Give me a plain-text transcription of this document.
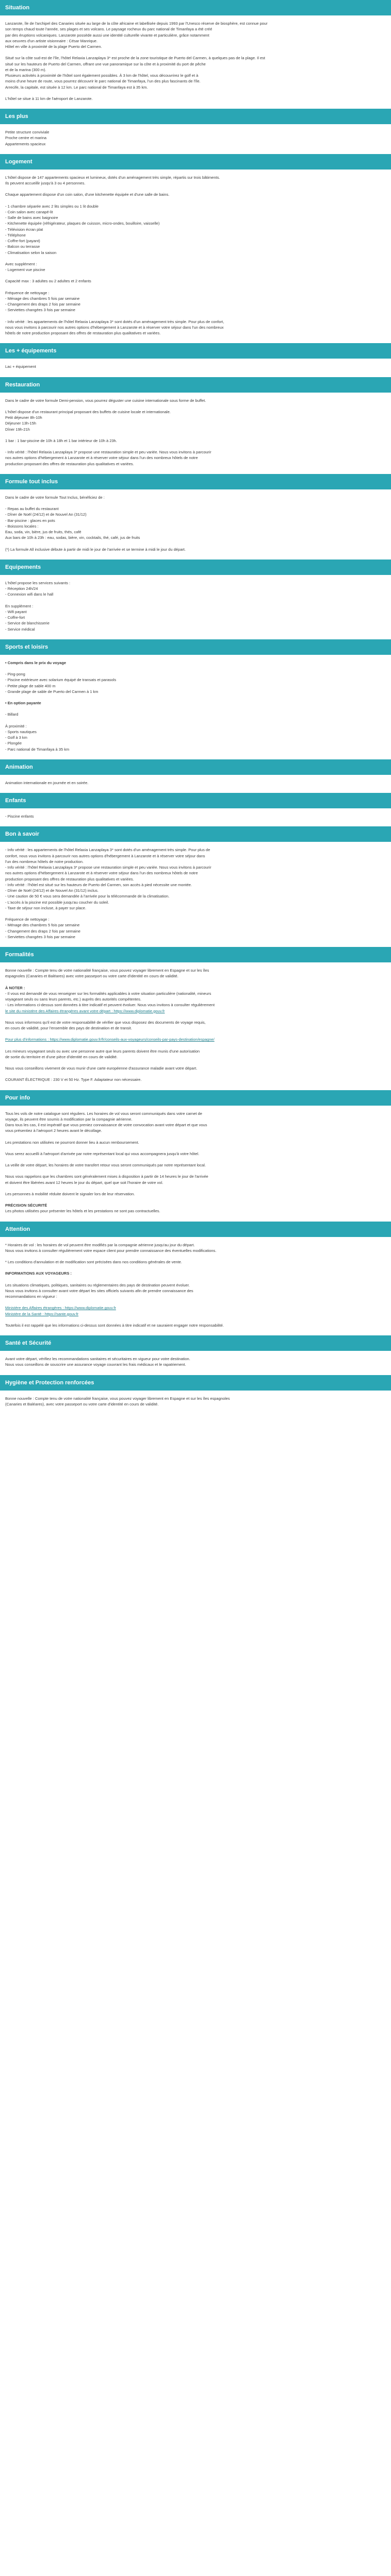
Situation
Lanzarote, île de l'archipel des Canaries située au large de la côte africaine et labellisée depuis 1993 par l'Unesco réserve de biosphère, est connue pour
son temps chaud toute l'année, ses plages et ses volcans. Le paysage rocheux du parc national de Timanfaya a été créé
par des éruptions volcaniques. Lanzarote possède aussi une identité culturelle vivante et particulière, grâce notamment
aux oeuvres d'un artiste visionnaire : César Manrique.
Hôtel en ville à proximité de la plage Puerto del Carmen.
Situé sur la côte sud-est de l'île, l'hôtel Relaxia Lanzaplaya 3* est proche de la zone touristique de Puerto del Carmen, à quelques pas de la plage. Il est
situé sur les hauteurs de Puerto del Carmen, offrant une vue panoramique sur la côte et à proximité du port de pêche
et de la marina (300 m).
Plusieurs activités à proximité de l'hôtel sont également possibles. À 3 km de l'hôtel, vous découvrirez le golf et à
moins d'une heure de route, vous pourrez découvrir le parc national de Timanfaya, l'un des plus fascinants de l'île.
Arrecife, la capitale, est située à 12 km. Le parc national de Timanfaya est à 35 km.
L'hôtel se situe à 11 km de l'aéroport de Lanzarote.
Les plus
Petite structure conviviale
Proche centre et marina
Appartements spacieux
Logement
L'hôtel dispose de 147 appartements spacieux et lumineux, dotés d'un aménagement très simple, répartis sur trois bâtiments.
Ils peuvent accueillir jusqu'à 3 ou 4 personnes.
Chaque appartement dispose d'un coin salon, d'une kitchenette équipée et d'une salle de bains.
- 1 chambre séparée avec 2 lits simples ou 1 lit double
- Coin salon avec canapé-lit
- Salle de bains avec baignoire
- Kitchenette équipée (réfrigérateur, plaques de cuisson, micro-ondes, bouilloire, vaisselle)
- Télévision écran plat
- Téléphone
- Coffre-fort (payant)
- Balcon ou terrasse
- Climatisation selon la saison
Avec supplément :
- Logement vue piscine
Capacité max : 3 adultes ou 2 adultes et 2 enfants
Fréquence de nettoyage :
- Ménage des chambres 5 fois par semaine
- Changement des draps 2 fois par semaine
- Serviettes changées 3 fois par semaine
- Info vérité : les appartements de l'hôtel Relaxia Lanzaplaya 3* sont dotés d'un aménagement très simple. Pour plus de confort,
nous vous invitons à parcourir nos autres options d'hébergement à Lanzarote et à réserver votre séjour dans l'un des nombreux
hôtels de notre production proposant des offres de restauration plus qualitatives et variées.
Les + équipements
Lac + équipement
Restauration
Dans le cadre de votre formule Demi-pension, vous pourrez déguster une cuisine internationale sous forme de buffet.
L'hôtel dispose d'un restaurant principal proposant des buffets de cuisine locale et internationale.
Petit déjeuner 8h-10h
Déjeuner 13h-15h
Dîner 19h-21h
1 bar : 1 bar-piscine de 10h à 18h et 1 bar intérieur de 10h à 23h.
- Info vérité : l'hôtel Relaxia Lanzaplaya 3* propose une restauration simple et peu variée. Nous vous invitons à parcourir
nos autres options d'hébergement à Lanzarote et à réserver votre séjour dans l'un des nombreux hôtels de notre
production proposant des offres de restauration plus qualitatives et variées.
Formule tout inclus
Dans le cadre de votre formule Tout Inclus, bénéficiez de :
- Repas au buffet du restaurant
- Dîner de Noël (24/12) et de Nouvel An (31/12)
- Bar-piscine : glaces en pots
- Boissons locales :
Eau, soda, vin, bière, jus de fruits, thés, café
Aux bars de 10h à 23h : eau, sodas, bière, vin, cocktails, thé, café, jus de fruits
(*) La formule All inclusive débute à partir de midi le jour de l'arrivée et se termine à midi le jour du départ.
Equipements
L'hôtel propose les services suivants :
- Réception 24h/24
- Connexion wifi dans le hall
En supplément :
- Wifi payant
- Coffre-fort
- Service de blanchisserie
- Service médical
Sports et loisirs
• Compris dans le prix du voyage
- Ping-pong
- Piscine extérieure avec solarium équipé de transats et parasols
- Petite plage de sable 400 m
- Grande plage de sable de Puerto del Carmen à 1 km
• En option payante
- Billard
À proximité :
- Sports nautiques
- Golf à 3 km
- Plongée
- Parc national de Timanfaya à 35 km
Animation
Animation internationale en journée et en soirée.
Enfants
- Piscine enfants
Bon à savoir
- Info vérité : les appartements de l'hôtel Relaxia Lanzaplaya 3* sont dotés d'un aménagement très simple. Pour plus de
confort, nous vous invitons à parcourir nos autres options d'hébergement à Lanzarote et à réserver votre séjour dans
l'un des nombreux hôtels de notre production.
- Info vérité : l'hôtel Relaxia Lanzaplaya 3* propose une restauration simple et peu variée. Nous vous invitons à parcourir
nos autres options d'hébergement à Lanzarote et à réserver votre séjour dans l'un des nombreux hôtels de notre
production proposant des offres de restauration plus qualitatives et variées.
- Info vérité : l'hôtel est situé sur les hauteurs de Puerto del Carmen, son accès à pied nécessite une montée.
- Dîner de Noël (24/12) et de Nouvel An (31/12) inclus.
- Une caution de 50 € vous sera demandée à l'arrivée pour la télécommande de la climatisation.
- L'accès à la piscine est possible jusqu'au coucher du soleil.
- Taxe de séjour non incluse, à payer sur place.
Fréquence de nettoyage :
- Ménage des chambres 5 fois par semaine
- Changement des draps 2 fois par semaine
- Serviettes changées 3 fois par semaine
Formalités
Bonne nouvelle : Compte tenu de votre nationalité française, vous pouvez voyager librement en Espagne et sur les îles
espagnoles (Canaries et Baléares) avec votre passeport ou votre carte d'identité en cours de validité.
À NOTER :
- Il vous est demandé de vous renseigner sur les formalités applicables à votre situation particulière (nationalité, mineurs
voyageant seuls ou sans leurs parents, etc.) auprès des autorités compétentes.
- Les informations ci-dessus sont données à titre indicatif et peuvent évoluer. Nous vous invitons à consulter régulièrement
le site du ministère des Affaires étrangères avant votre départ : https://www.diplomatie.gouv.fr
Nous vous informons qu'il est de votre responsabilité de vérifier que vous disposez des documents de voyage requis,
en cours de validité, pour l'ensemble des pays de destination et de transit.
Pour plus d'informations : https://www.diplomatie.gouv.fr/fr/conseils-aux-voyageurs/conseils-par-pays-destination/espagne/
Les mineurs voyageant seuls ou avec une personne autre que leurs parents doivent être munis d'une autorisation
de sortie du territoire et d'une pièce d'identité en cours de validité.
Nous vous conseillons vivement de vous munir d'une carte européenne d'assurance maladie avant votre départ.
COURANT ÉLECTRIQUE : 230 V et 50 Hz. Type F. Adaptateur non nécessaire.
Pour info
Tous les vols de notre catalogue sont réguliers. Les horaires de vol vous seront communiqués dans votre carnet de
voyage, ils peuvent être soumis à modification par la compagnie aérienne.
Dans tous les cas, il est impératif que vous preniez connaissance de votre convocation avant votre départ et que vous
vous présentiez à l'aéroport 2 heures avant le décollage.
Les prestations non utilisées ne pourront donner lieu à aucun remboursement.
Vous serez accueilli à l'aéroport d'arrivée par notre représentant local qui vous accompagnera jusqu'à votre hôtel.
La veille de votre départ, les horaires de votre transfert retour vous seront communiqués par notre représentant local.
Nous vous rappelons que les chambres sont généralement mises à disposition à partir de 14 heures le jour de l'arrivée
et doivent être libérées avant 12 heures le jour du départ, quel que soit l'horaire de votre vol.
Les personnes à mobilité réduite doivent le signaler lors de leur réservation.
PRÉCISION SÉCURITÉ
Les photos utilisées pour présenter les hôtels et les prestations ne sont pas contractuelles.
Attention
* Horaires de vol : les horaires de vol peuvent être modifiés par la compagnie aérienne jusqu'au jour du départ.
Nous vous invitons à consulter régulièrement votre espace client pour prendre connaissance des éventuelles modifications.
* Les conditions d'annulation et de modification sont précisées dans nos conditions générales de vente.
INFORMATIONS AUX VOYAGEURS :
Les situations climatiques, politiques, sanitaires ou réglementaires des pays de destination peuvent évoluer.
Nous vous invitons à consulter avant votre départ les sites officiels suivants afin de prendre connaissance des
recommandations en vigueur :
Ministère des Affaires étrangères : https://www.diplomatie.gouv.fr
Ministère de la Santé : https://sante.gouv.fr
Toutefois il est rappelé que les informations ci-dessus sont données à titre indicatif et ne sauraient engager notre responsabilité.
Santé et Sécurité
Avant votre départ, vérifiez les recommandations sanitaires et sécuritaires en vigueur pour votre destination.
Nous vous conseillons de souscrire une assurance voyage couvrant les frais médicaux et le rapatriement.
Hygiène et Protection renforcées
Bonne nouvelle : Compte tenu de votre nationalité française, vous pouvez voyager librement en Espagne et sur les îles espagnoles
(Canaries et Baléares), avec votre passeport ou votre carte d'identité en cours de validité.
